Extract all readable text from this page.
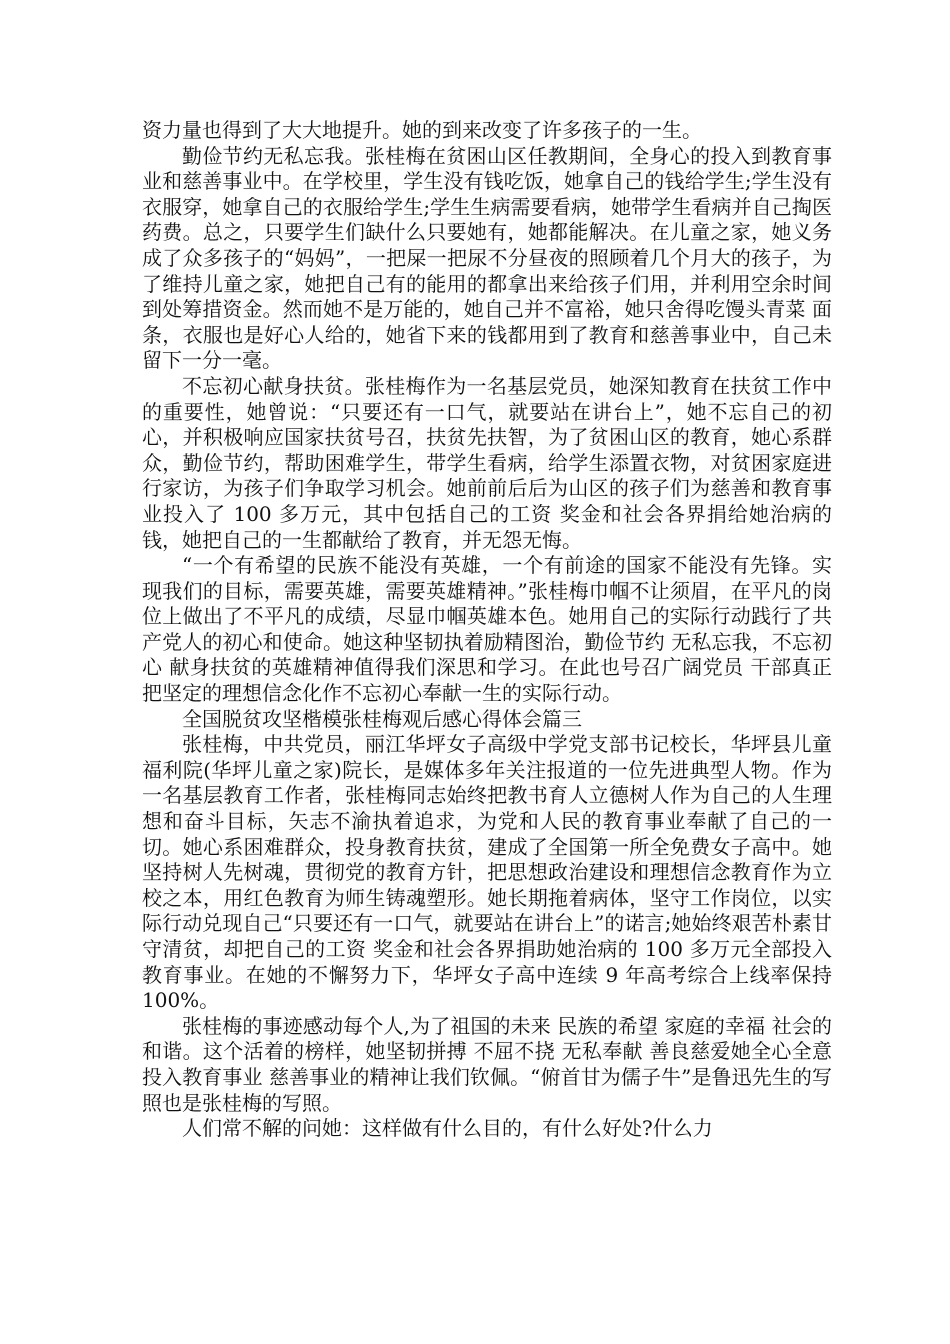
资力量也得到了大大地提升。她的到来改变了许多孩子的一生。

勤俭节约无私忘我。张桂梅在贫困山区任教期间，全身心的投入到教育事业和慈善事业中。在学校里，学生没有钱吃饭，她拿自己的钱给学生;学生没有衣服穿，她拿自己的衣服给学生;学生生病需要看病，她带学生看病并自己掏医药费。总之，只要学生们缺什么只要她有，她都能解决。在儿童之家，她义务成了众多孩子的“妈妈”，一把屎一把尿不分昼夜的照顾着几个月大的孩子，为了维持儿童之家，她把自己有的能用的都拿出来给孩子们用，并利用空余时间到处筹措资金。然而她不是万能的，她自己并不富裕，她只舍得吃馒头青菜 面条，衣服也是好心人给的，她省下来的钱都用到了教育和慈善事业中，自己未留下一分一毫。

不忘初心献身扶贫。张桂梅作为一名基层党员，她深知教育在扶贫工作中的重要性，她曾说：“只要还有一口气，就要站在讲台上”，她不忘自己的初心，并积极响应国家扶贫号召，扶贫先扶智，为了贫困山区的教育，她心系群众，勤俭节约，帮助困难学生，带学生看病，给学生添置衣物，对贫困家庭进行家访，为孩子们争取学习机会。她前前后后为山区的孩子们为慈善和教育事业投入了 100 多万元，其中包括自己的工资 奖金和社会各界捐给她治病的钱，她把自己的一生都献给了教育，并无怨无悔。

“一个有希望的民族不能没有英雄，一个有前途的国家不能没有先锋。实现我们的目标，需要英雄，需要英雄精神。”张桂梅巾帼不让须眉，在平凡的岗位上做出了不平凡的成绩，尽显巾帼英雄本色。她用自己的实际行动践行了共产党人的初心和使命。她这种坚韧执着励精图治，勤俭节约 无私忘我，不忘初心 献身扶贫的英雄精神值得我们深思和学习。在此也号召广阔党员 干部真正把坚定的理想信念化作不忘初心奉献一生的实际行动。

全国脱贫攻坚楷模张桂梅观后感心得体会篇三

张桂梅，中共党员，丽江华坪女子高级中学党支部书记校长，华坪县儿童福利院(华坪儿童之家)院长，是媒体多年关注报道的一位先进典型人物。作为一名基层教育工作者，张桂梅同志始终把教书育人立德树人作为自己的人生理想和奋斗目标，矢志不渝执着追求，为党和人民的教育事业奉献了自己的一切。她心系困难群众，投身教育扶贫，建成了全国第一所全免费女子高中。她坚持树人先树魂，贯彻党的教育方针，把思想政治建设和理想信念教育作为立校之本，用红色教育为师生铸魂塑形。她长期拖着病体，坚守工作岗位，以实际行动兑现自己“只要还有一口气，就要站在讲台上”的诺言;她始终艰苦朴素甘守清贫，却把自己的工资 奖金和社会各界捐助她治病的 100 多万元全部投入教育事业。在她的不懈努力下，华坪女子高中连续 9 年高考综合上线率保持 100%。

张桂梅的事迹感动每个人,为了祖国的未来 民族的希望 家庭的幸福 社会的和谐。这个活着的榜样，她坚韧拼搏 不屈不挠 无私奉献 善良慈爱她全心全意投入教育事业 慈善事业的精神让我们钦佩。“俯首甘为儒子牛”是鲁迅先生的写照也是张桂梅的写照。

人们常不解的问她：这样做有什么目的，有什么好处?什么力
